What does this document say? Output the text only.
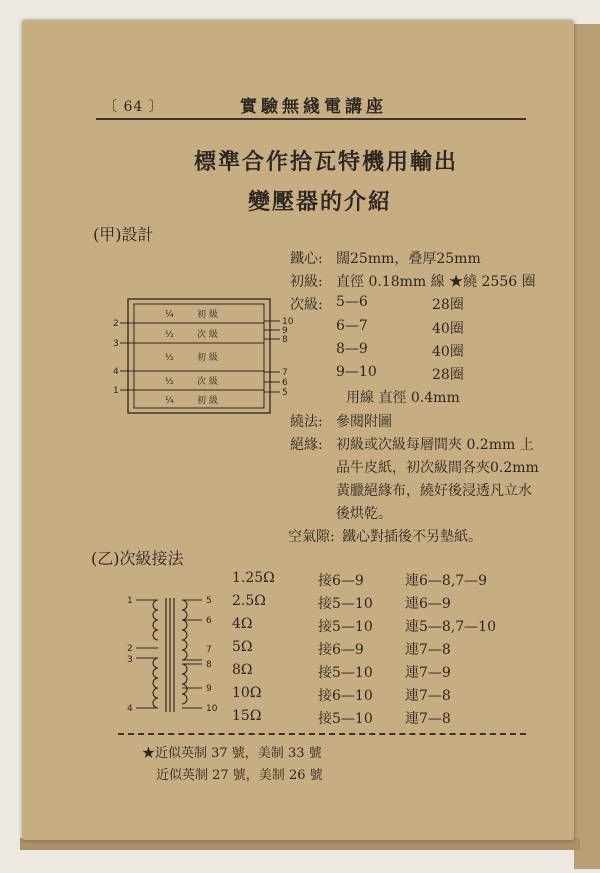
〔 64 〕	實驗無綫電講座
標準合作拾瓦特機用輸出
變壓器的介紹
(甲)設計
鐵心: 闊25mm，叠厚25mm
初級: 直徑 0.18mm 線 ★繞 2556 圈
次級: 5—6	28圈
6—7	40圈
8—9	40圈
9—10	28圈
用線 直徑 0.4mm
繞法: 參閱附圖
絕緣: 初級或次級每層間夾 0.2mm 上
品牛皮紙，初次級間各夾0.2mm
黃臘絕緣布，繞好後浸透凡立水
後烘乾。
空氣隙: 鐵心對插後不另墊紙。
¼	初 級
½	次 級
½	初 級
½	次 級
¼	初 級
2
3
4
1
10
9
8
7
6
5
(乙)次級接法
1
2
3
4
5
6
7
8
9
10
1.25Ω	接6—9	連6—8,7—9
2.5Ω	接5—10 連6—9
4Ω	接5—10 連5—8,7—10
5Ω	接6—9	連7—8
8Ω	接5—10 連7—9
10Ω	接6—10 連7—8
15Ω	接5—10 連7—8
★近似英制 37 號，美制 33 號
近似英制 27 號，美制 26 號
